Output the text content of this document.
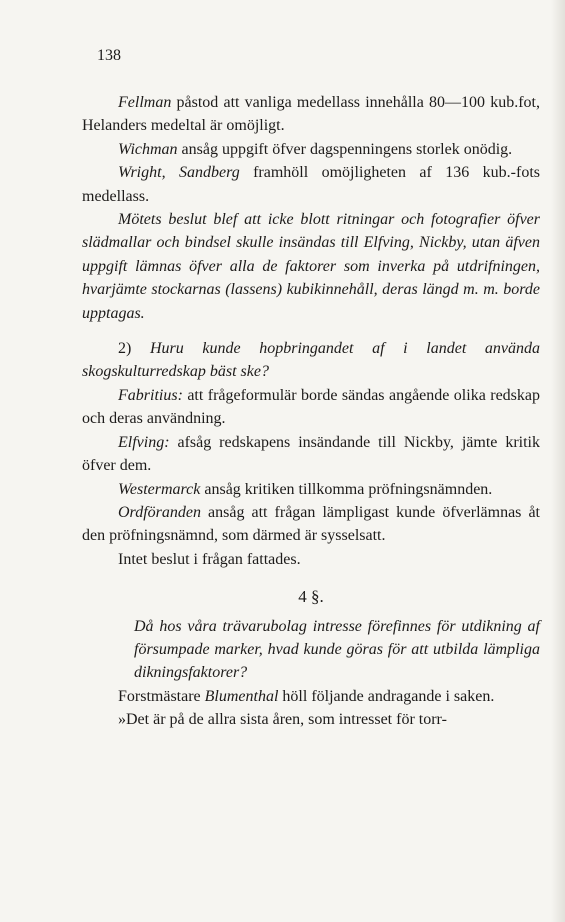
138

Fellman påstod att vanliga medellass innehålla 80—100 kub.fot, Helanders medeltal är omöjligt.

Wichman ansåg uppgift öfver dagspenningens storlek onödig.

Wright, Sandberg framhöll omöjligheten af 136 kub.-fots medellass.

Mötets beslut blef att icke blott ritningar och fotografier öfver slädmallar och bindsel skulle insändas till Elfving, Nickby, utan äfven uppgift lämnas öfver alla de faktorer som inverka på utdrifningen, hvarjämte stockarnas (lassens) kubikinnehåll, deras längd m. m. borde upptagas.

2) Huru kunde hopbringandet af i landet använda skogskulturredskap bäst ske?

Fabritius: att frågeformulär borde sändas angående olika redskap och deras användning.

Elfving: afsåg redskapens insändande till Nickby, jämte kritik öfver dem.

Westermarck ansåg kritiken tillkomma pröfningsnämnden.

Ordföranden ansåg att frågan lämpligast kunde öfverlämnas åt den pröfningsnämnd, som därmed är sysselsatt.

Intet beslut i frågan fattades.

4 §.

Då hos våra trävarubolag intresse förefinnes för utdikning af försumpade marker, hvad kunde göras för att utbilda lämpliga dikningsfaktorer?

Forstmästare Blumenthal höll följande andragande i saken.

»Det är på de allra sista åren, som intresset för torr-
